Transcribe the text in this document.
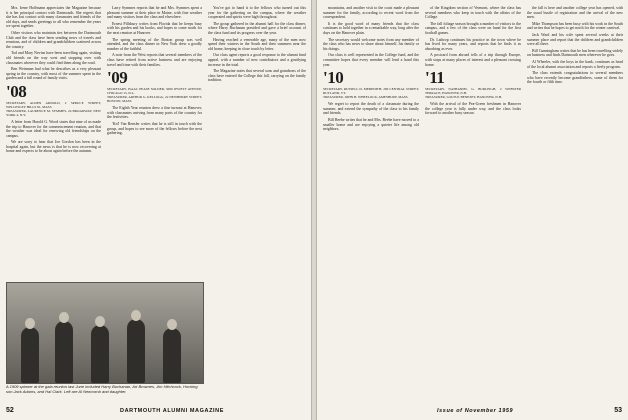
Mrs. Irene Hoffmann appreciates the Magazine because it is her principal contact with Dartmouth. She regrets that she has lost contact with many classmates and friends of the old days, and sends greetings to all who remember the years we spent together.

Other visitors who maintain ties between the Dartmouth Club and the class have been sending news of travels and reunions, and of children and grandchildren scattered across the country.

Tod and Mary Nevins have been travelling again, visiting old friends on the way west and stopping over with classmates wherever they could find them along the road.

Ben Weinman had what he describes as a very pleasant spring in the country, with most of the summer spent in the garden and a full round of family visits.

'08
SECRETARY, ALDEN ARNOLD, 2 SPRUCE STREET, WELLESLEY HILLS 81, MASS.
TREASURER, LAURENCE M. SYMMES, 24 BROADWAY, NEW YORK 4, N.Y.

A letter from Harold G. Wood states that nine of us made the trip to Hanover for the commencement reunion, and that the weather was ideal for renewing old friendships on the campus.

We are sorry to hear that Joe Gordon has been in the hospital again, but the news is that he is now recovering at home and expects to be about again before the autumn.

Larry Symmes reports that he and Mrs. Symmes spent a pleasant summer at their place in Maine, with fine weather and many visitors from the class and elsewhere.

Ernest Pillsbury writes from Florida that he keeps busy with his garden and his books, and hopes to come north for the next reunion at Hanover.

The spring meeting of the Boston group was well attended, and the class dinner in New York drew a goodly number of the faithful.

A note from the West reports that several members of the class have retired from active business and are enjoying travel and time with their families.

'09
SECRETARY, ISAAC PEASE SOLDER, 5000 JEWETT AVENUE, CHICAGO 15, ILL.
TREASURER, ARTHUR G. KELLOGG, 22 NEWBERRY STREET, BOSTON, MASS.

The Eighth Year reunion drew a fine turnout at Hanover, with classmates arriving from many parts of the country for the festivities.

'Kid' Van Rensler writes that he is still in touch with the group, and hopes to see more of the fellows before the next gathering.

You've got to hand it to the fellows who turned out this year for the gathering on the campus, where the weather cooperated and spirits were high throughout.

The group gathered in the alumni hall for the class dinner, where Harry Buchanan presided and gave a brief account of the class fund and its progress over the year.

Having reached a venerable age, many of the men now spend their winters in the South and their summers near the old home, keeping in close touch by letter.

Our class agent reports a good response to the alumni fund appeal, with a number of new contributors and a gratifying increase in the total.

The Magazine notes that several sons and grandsons of the class have entered the College this fall, carrying on the family tradition.

A 1909 spinner at the gala reunion last June included Harry Buchanan, Art Brownes, Jim Hitchcock, Hocking son Jack Adams, and Hal Clark. Left are Al Newcomb and daughter.
52	DARTMOUTH ALUMNI MAGAZINE

mountains, and another visit to the coast made a pleasant summer for the family, according to recent word from the correspondent.

It is the good word of many friends that the class continues to hold together in a remarkable way, long after the days on the Hanover plain.

The secretary would welcome notes from any member of the class who has news to share about himself, his family or his doings.

Our class is well represented in the College fund, and the committee hopes that every member will lend a hand this year.

'10
SECRETARY, RUSSELL D. MEREDITH, 290 CENTRAL STREET, RUTLAND, VT.
TREASURER, JOHN B. WHEELOCK, AMESBURY, MASS.

We regret to report the death of a classmate during the summer, and extend the sympathy of the class to his family and friends.

Bill Beebe writes that he and Mrs. Beebe have moved to a smaller home and are enjoying a quieter life among old neighbors.

of the Kingdom section of Vermont, where the class has several members who keep in touch with the affairs of the College.

The fall foliage season brought a number of visitors to the campus, and a few of the class were on hand for the first football games.

Dr. Lathrop continues his practice in the town where he has lived for many years, and reports that he finds it as absorbing as ever.

A postcard from abroad tells of a trip through Europe, with stops at many places of interest and a pleasant crossing home.

'11
SECRETARY, NATHANIEL G. BURLEIGH, 2 WEBSTER TERRACE, HANOVER, N.H.
TREASURER, LOUIS P. BENEZET, HANOVER, N.H.

With the arrival of the Pea-Green freshmen in Hanover the college year is fully under way, and the class looks forward to another busy season.

the fall is here and another college year has opened, with the usual bustle of registration and the arrival of the new men.

Mike Thompson has been busy with his work in the South and writes that he hopes to get north for the winter carnival.

Jack Ward and his wife spent several weeks at their summer place and report that the children and grandchildren were all there.

Bill Cunningham writes that he has been travelling widely on business and finds Dartmouth men wherever he goes.

Al Wheeler, with the boys in the bank, continues as head of the local alumni association and reports a lively program.

The class extends congratulations to several members who have recently become grandfathers, some of them for the fourth or fifth time.

Issue of November 1959	53
